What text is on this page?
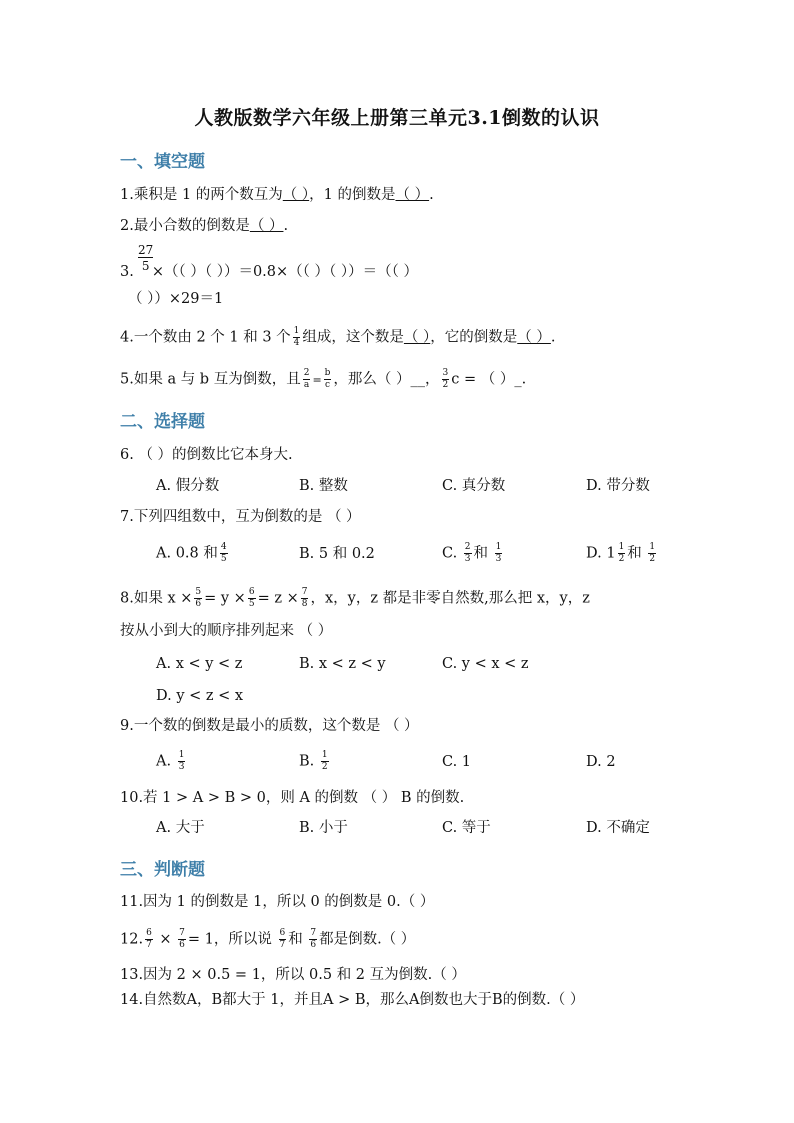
人教版数学六年级上册第三单元3.1倒数的认识
一、填空题
1.乘积是 1 的两个数互为（ ），1 的倒数是（ ）.
2.最小合数的倒数是（ ）.
27
5
3. ×（（ ）（ ））＝0.8×（（ ）（ ））＝（（ ）
（ ））×29＝1
4.一个数由 2 个 1 和 3 个 $\frac{1}{4}$ 组成，这个数是（ ），它的倒数是（ ）.
5.如果 a 与 b 互为倒数，且 $\frac{2}{a} = \frac{b}{c}$ ，那么（ ）__， $\frac{3}{2}$ c = （ ）_.
二、选择题
6. （ ）的倒数比它本身大.
A. 假分数	B. 整数	C. 真分数	D. 带分数
7.下列四组数中，互为倒数的是 （ ）
A. 0.8 和 $\frac{4}{5}$	B. 5 和 0.2	C. $\frac{2}{3}$ 和 $\frac{1}{3}$	D. $1 \frac{1}{2}$ 和 $\frac{1}{2}$
8.如果 $x \times \frac{5}{6} = y \times \frac{6}{5} = z \times \frac{7}{8}$ ，x，y，z 都是非零自然数,那么把 x，y，z
按从小到大的顺序排列起来 （ ）
A. x < y < z	B. x < z < y	C. y < x < z
D. y < z < x
9.一个数的倒数是最小的质数，这个数是 （ ）
A. $\frac{1}{3}$	B. $\frac{1}{2}$	C. 1	D. 2
10.若 1 > A > B > 0，则 A 的倒数 （ ） B 的倒数.
A. 大于	B. 小于	C. 等于	D. 不确定
三、判断题
11.因为 1 的倒数是 1，所以 0 的倒数是 0.（ ）
12. $\frac{6}{7} \times \frac{7}{6} = 1$，所以说 $\frac{6}{7}$ 和 $\frac{7}{6}$ 都是倒数.（ ）
13.因为 2 × 0.5 = 1，所以 0.5 和 2 互为倒数.（ ）
14.自然数A，B都大于 1，并且A > B，那么A倒数也大于B的倒数.（ ）
